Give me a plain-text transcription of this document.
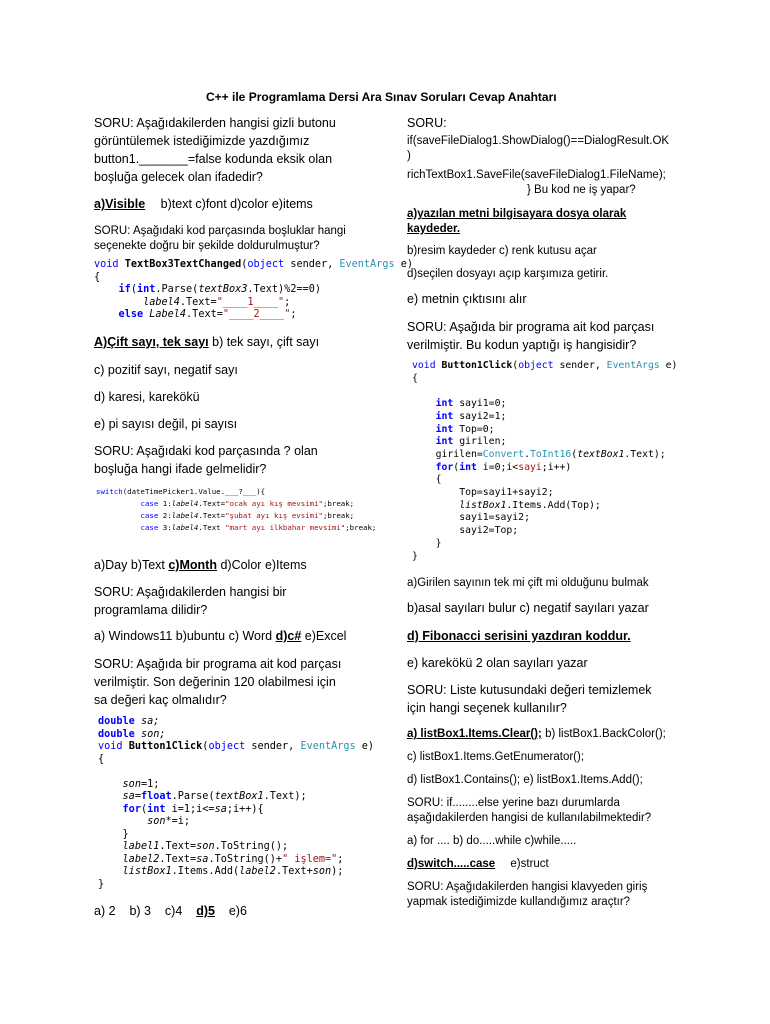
C++ ile Programlama Dersi Ara Sınav Soruları Cevap Anahtarı
SORU: Aşağıdakilerden hangisi gizli butonu
görüntülemek istediğimizde yazdığımız
button1._______=false kodunda eksik olan
boşluğa gelecek olan ifadedir?
a)Visible b)text c)font d)color e)items
SORU: Aşağıdaki kod parçasında boşluklar hangi
seçenekte doğru bir şekilde doldurulmuştur?
void TextBox3TextChanged(object sender, EventArgs e)
{
if(int.Parse(textBox3.Text)%2==0)
label4.Text="____1____";
else Label4.Text="____2____";
A)Çift sayı, tek sayı b) tek sayı, çift sayı
c) pozitif sayı, negatif sayı
d) karesi, karekökü
e) pi sayısı değil, pi sayısı
SORU: Aşağıdaki kod parçasında ? olan
boşluğa hangi ifade gelmelidir?
switch(dateTimePicker1.Value.___?___){
case 1:label4.Text="ocak ayı kış mevsimi";break;
case 2:label4.Text="şubat ayı kış evsimi";break;
case 3:label4.Text "mart ayı ilkbahar mevsimi";break;
a)Day b)Text c)Month d)Color e)Items
SORU: Aşağıdakilerden hangisi bir
programlama dilidir?
a) Windows11 b)ubuntu c) Word d)c# e)Excel
SORU: Aşağıda bir programa ait kod parçası
verilmiştir. Son değerinin 120 olabilmesi için
sa değeri kaç olmalıdır?
double sa;
double son;
void Button1Click(object sender, EventArgs e)
{

son=1;
sa=float.Parse(textBox1.Text);
for(int i=1;i<=sa;i++){
son*=i;
}
label1.Text=son.ToString();
label2.Text=sa.ToString()+" işlem=";
listBox1.Items.Add(label2.Text+son);
}
a) 2 b) 3 c)4 d)5 e)6
SORU:
if(saveFileDialog1.ShowDialog()==DialogResult.OK
)
richTextBox1.SaveFile(saveFileDialog1.FileName);
} Bu kod ne iş yapar?
a)yazılan metni bilgisayara dosya olarak
kaydeder.
b)resim kaydeder c) renk kutusu açar
d)seçilen dosyayı açıp karşımıza getirir.
e) metnin çıktısını alır
SORU: Aşağıda bir programa ait kod parçası
verilmiştir. Bu kodun yaptığı iş hangisidir?
void Button1Click(object sender, EventArgs e)
{

int sayi1=0;
int sayi2=1;
int Top=0;
int girilen;
girilen=Convert.ToInt16(textBox1.Text);
for(int i=0;i<sayi;i++)
{
Top=sayi1+sayi2;
listBox1.Items.Add(Top);
sayi1=sayi2;
sayi2=Top;
}
}
a)Girilen sayının tek mi çift mi olduğunu bulmak
b)asal sayıları bulur c) negatif sayıları yazar
d) Fibonacci serisini yazdıran koddur.
e) karekökü 2 olan sayıları yazar
SORU: Liste kutusundaki değeri temizlemek
için hangi seçenek kullanılır?
a) listBox1.Items.Clear(); b) listBox1.BackColor();
c) listBox1.Items.GetEnumerator();
d) listBox1.Contains(); e) listBox1.Items.Add();
SORU: if........else yerine bazı durumlarda
aşağıdakilerden hangisi de kullanılabilmektedir?
a) for .... b) do.....while c)while.....
d)switch.....case e)struct
SORU: Aşağıdakilerden hangisi klavyeden giriş
yapmak istediğimizde kullandığımız araçtır?
